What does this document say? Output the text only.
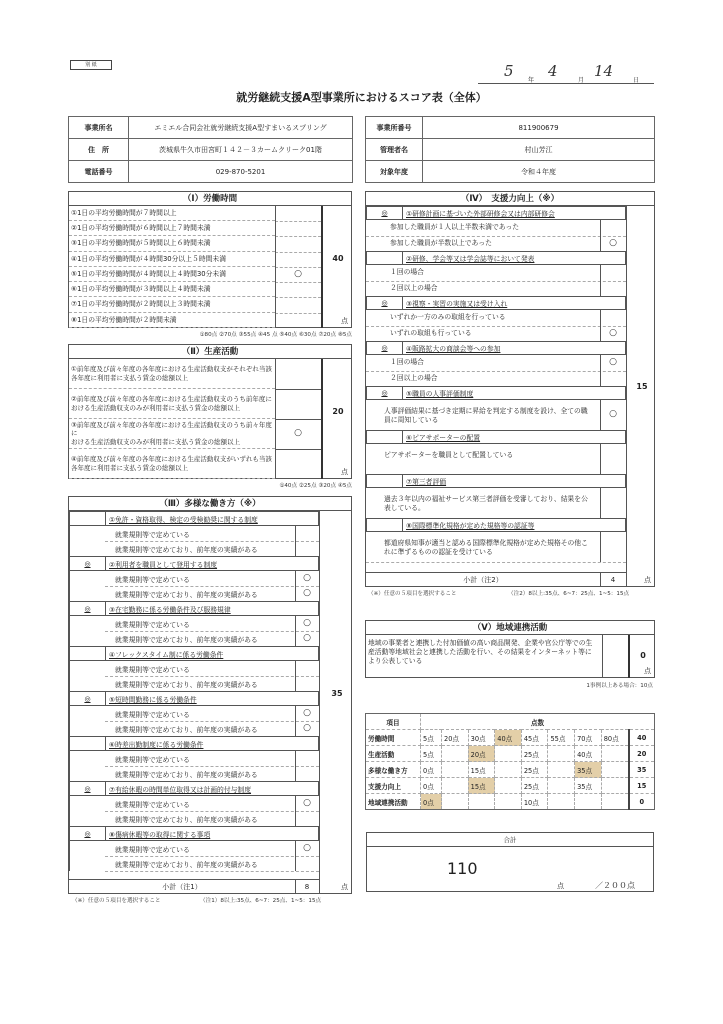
別 紙	5
年
4
月
14
日
就労継続支援A型事業所におけるスコア表（全体）
事業所名	エミエル合同会社就労継続支援A型すまいるスプリング
住　所	茨城県牛久市田宮町１４２－３カームクリーク01階
電話番号	029-870-5201
事業所番号	811900679
管理者名	村山芳江
対象年度	令和４年度
（Ⅰ）労働時間
①1日の平均労働時間が７時間以上
②1日の平均労働時間が６時間以上７時間未満
③1日の平均労働時間が５時間以上６時間未満
④1日の平均労働時間が４時間30分以上５時間未満
⑤1日の平均労働時間が４時間以上４時間30分未満	○
⑥1日の平均労働時間が３時間以上４時間未満
⑦1日の平均労働時間が２時間以上３時間未満
⑧1日の平均労働時間が２時間未満
40
点
①80点 ②70点 ③55点 ④45 点 ⑤40点 ⑥30点 ⑦20点 ⑧5点
（Ⅱ）生産活動
①前年度及び前々年度の各年度における生産活動収支がそれぞれ当該各年度に利用者に支払う賃金の総額以上
②前年度及び前々年度の各年度における生産活動収支のうち前年度に
おける生産活動収支のみが利用者に支払う賃金の総額以上
③前年度及び前々年度の各年度における生産活動収支のうち前々年度に
おける生産活動収支のみが利用者に支払う賃金の総額以上
○
④前年度及び前々年度の各年度における生産活動収支がいずれも当該各年度に利用者に支払う賃金の総額以上
20
点
①40点 ②25点 ③20点 ④5点
（Ⅲ）多様な働き方（※）
①免許・資格取得、検定の受検勧奨に関する制度
就業規則等で定めている
就業規則等で定めており、前年度の実績がある
◎	②利用者を職員として登用する制度
就業規則等で定めている	○
就業規則等で定めており、前年度の実績がある	○
◎	③在宅勤務に係る労働条件及び服務規律
就業規則等で定めている	○
就業規則等で定めており、前年度の実績がある	○
④フレックスタイム制に係る労働条件
就業規則等で定めている
就業規則等で定めており、前年度の実績がある
◎	⑤短時間勤務に係る労働条件
就業規則等で定めている	○
就業規則等で定めており、前年度の実績がある	○
⑥時差出勤制度に係る労働条件
就業規則等で定めている
就業規則等で定めており、前年度の実績がある
◎	⑦有給休暇の時間単位取得又は計画的付与制度
就業規則等で定めている	○
就業規則等で定めており、前年度の実績がある
◎	⑧傷病休暇等の取得に関する事項
就業規則等で定めている	○
就業規則等で定めており、前年度の実績がある
35
小計（注1）	8	点
（※）任意の５項目を選択すること	（注1）8以上:35点、6~7：25点、1~5：15点
（Ⅳ）　支援力向上（※）
◎	①研修計画に基づいた外部研修会又は内部研修会
参加した職員が１人以上半数未満であった
参加した職員が半数以上であった	○
②研修、学会等又は学会誌等において発表
１回の場合
２回以上の場合
◎	③視察・実習の実施又は受け入れ
いずれか一方のみの取組を行っている
いずれの取組も行っている	○
◎	④販路拡大の商談会等への参加
１回の場合	○
２回以上の場合
◎	⑤職員の人事評価制度
人事評価結果に基づき定期に昇給を判定する制度を設け、全ての職員に周知している
○
⑥ピアサポーターの配置
ピアサポーターを職員として配置している
⑦第三者評価
過去３年以内の福祉サービス第三者評価を受審しており、結果を公表している。
⑧国際標準化規格が定めた規格等の認証等
都道府県知事が適当と認める国際標準化規格が定めた規格その他これに準ずるものの認証を受けている
15
小計（注2）	4	点
（※）任意の５項目を選択すること	（注2）8以上:35点、6~7：25点、1~5：15点
（Ⅴ）地域連携活動
地域の事業者と連携した付加価値の高い商品開発、企業や官公庁等での生産活動等地域社会と連携した活動を行い、その結果をインターネット等により公表している
0
点
1事例以上ある場合：10点
項目	点数								
労働時間	5点	20点	30点	40点	45点	55点	70点	80点	40
生産活動	5点		20点		25点		40点		20
多様な働き方	0点		15点		25点		35点		35
支援力向上	0点		15点		25点		35点		15
地域連携活動	0点				10点				0
合計
110
点	／２００点
